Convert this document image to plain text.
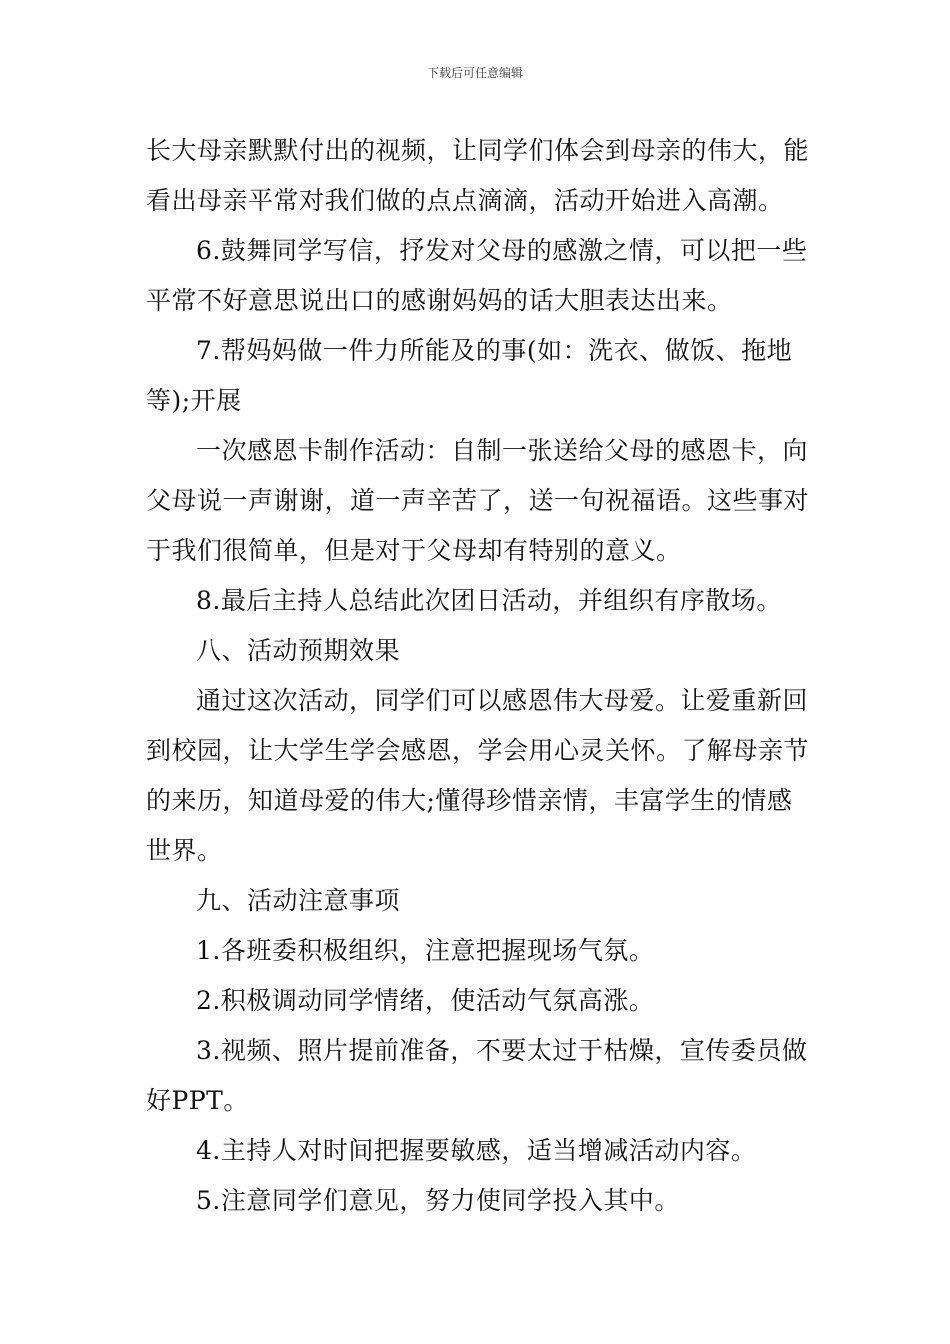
下载后可任意编辑

长大母亲默默付出的视频，让同学们体会到母亲的伟大，能看出母亲平常对我们做的点点滴滴，活动开始进入高潮。

6.鼓舞同学写信，抒发对父母的感激之情，可以把一些平常不好意思说出口的感谢妈妈的话大胆表达出来。

7.帮妈妈做一件力所能及的事(如：洗衣、做饭、拖地等);开展

一次感恩卡制作活动：自制一张送给父母的感恩卡，向父母说一声谢谢，道一声辛苦了，送一句祝福语。这些事对于我们很简单，但是对于父母却有特别的意义。

8.最后主持人总结此次团日活动，并组织有序散场。

八、活动预期效果

通过这次活动，同学们可以感恩伟大母爱。让爱重新回到校园，让大学生学会感恩，学会用心灵关怀。了解母亲节的来历，知道母爱的伟大;懂得珍惜亲情，丰富学生的情感世界。

九、活动注意事项

1.各班委积极组织，注意把握现场气氛。

2.积极调动同学情绪，使活动气氛高涨。

3.视频、照片提前准备，不要太过于枯燥，宣传委员做好PPT。

4.主持人对时间把握要敏感，适当增减活动内容。

5.注意同学们意见，努力使同学投入其中。
